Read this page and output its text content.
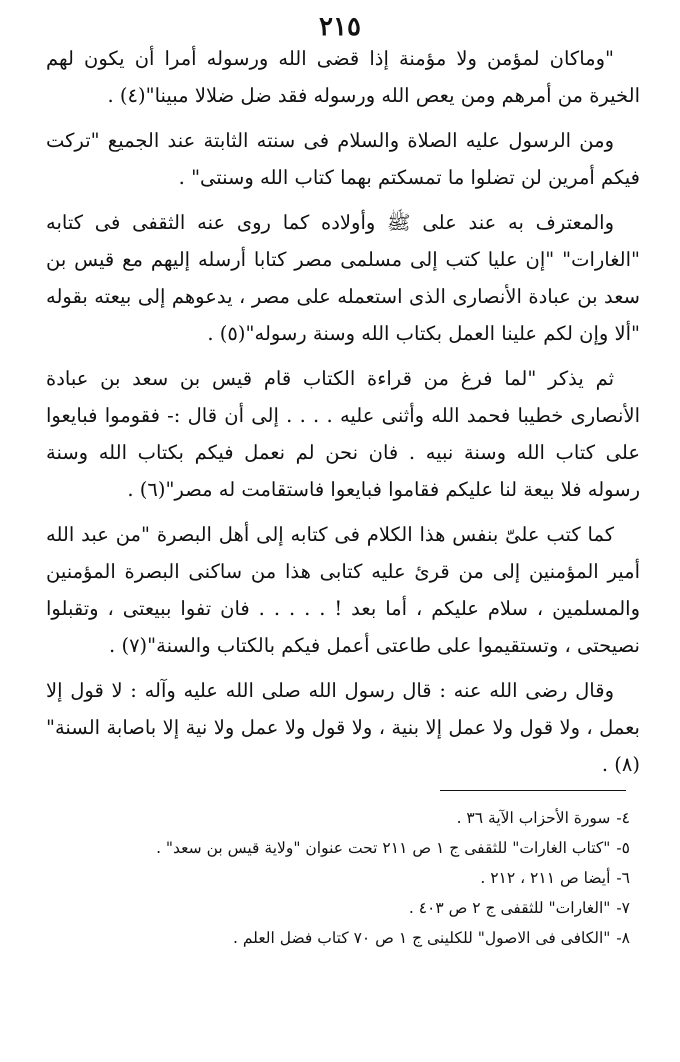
٢١٥

"وماكان لمؤمن ولا مؤمنة إذا قضى الله ورسوله أمرا أن يكون لهم الخيرة من أمرهم ومن يعص الله ورسوله فقد ضل ضلالا مبينا"(٤) .

ومن الرسول عليه الصلاة والسلام فى سنته الثابتة عند الجميع "تركت فيكم أمرين لن تضلوا ما تمسكتم بهما كتاب الله وسنتى" .

والمعترف به عند على ﷺ وأولاده كما روى عنه الثقفى فى كتابه "الغارات" "إن عليا كتب إلى مسلمى مصر كتابا أرسله إليهم مع قيس بن سعد بن عبادة الأنصارى الذى استعمله على مصر ، يدعوهم إلى بيعته بقوله "ألا وإن لكم علينا العمل بكتاب الله وسنة رسوله"(٥) .

ثم يذكر "لما فرغ من قراءة الكتاب قام قيس بن سعد بن عبادة الأنصارى خطيبا فحمد الله وأثنى عليه . . . . إلى أن قال :- فقوموا فبايعوا على كتاب الله وسنة نبيه . فان نحن لم نعمل فيكم بكتاب الله وسنة رسوله فلا بيعة لنا عليكم فقاموا فبايعوا فاستقامت له مصر"(٦) .

كما كتب علىّ بنفس هذا الكلام فى كتابه إلى أهل البصرة "من عبد الله أمير المؤمنين إلى من قرئ عليه كتابى هذا من ساكنى البصرة المؤمنين والمسلمين ، سلام عليكم ، أما بعد ! . . . . . فان تفوا ببيعتى ، وتقبلوا نصيحتى ، وتستقيموا على طاعتى أعمل فيكم بالكتاب والسنة"(٧) .

وقال رضى الله عنه : قال رسول الله صلى الله عليه وآله : لا قول إلا بعمل ، ولا قول ولا عمل إلا بنية ، ولا قول ولا عمل ولا نية إلا باصابة السنة"(٨) .

٤-سورة الأحزاب الآية ٣٦ .
٥-"كتاب الغارات" للثقفى ج ١ ص ٢١١ تحت عنوان "ولاية قيس بن سعد" .
٦-أيضا ص ٢١١ ، ٢١٢ .
٧-"الغارات" للثقفى ج ٢ ص ٤٠٣ .
٨-"الكافى فى الاصول" للكلينى ج ١ ص ٧٠ كتاب فضل العلم .
